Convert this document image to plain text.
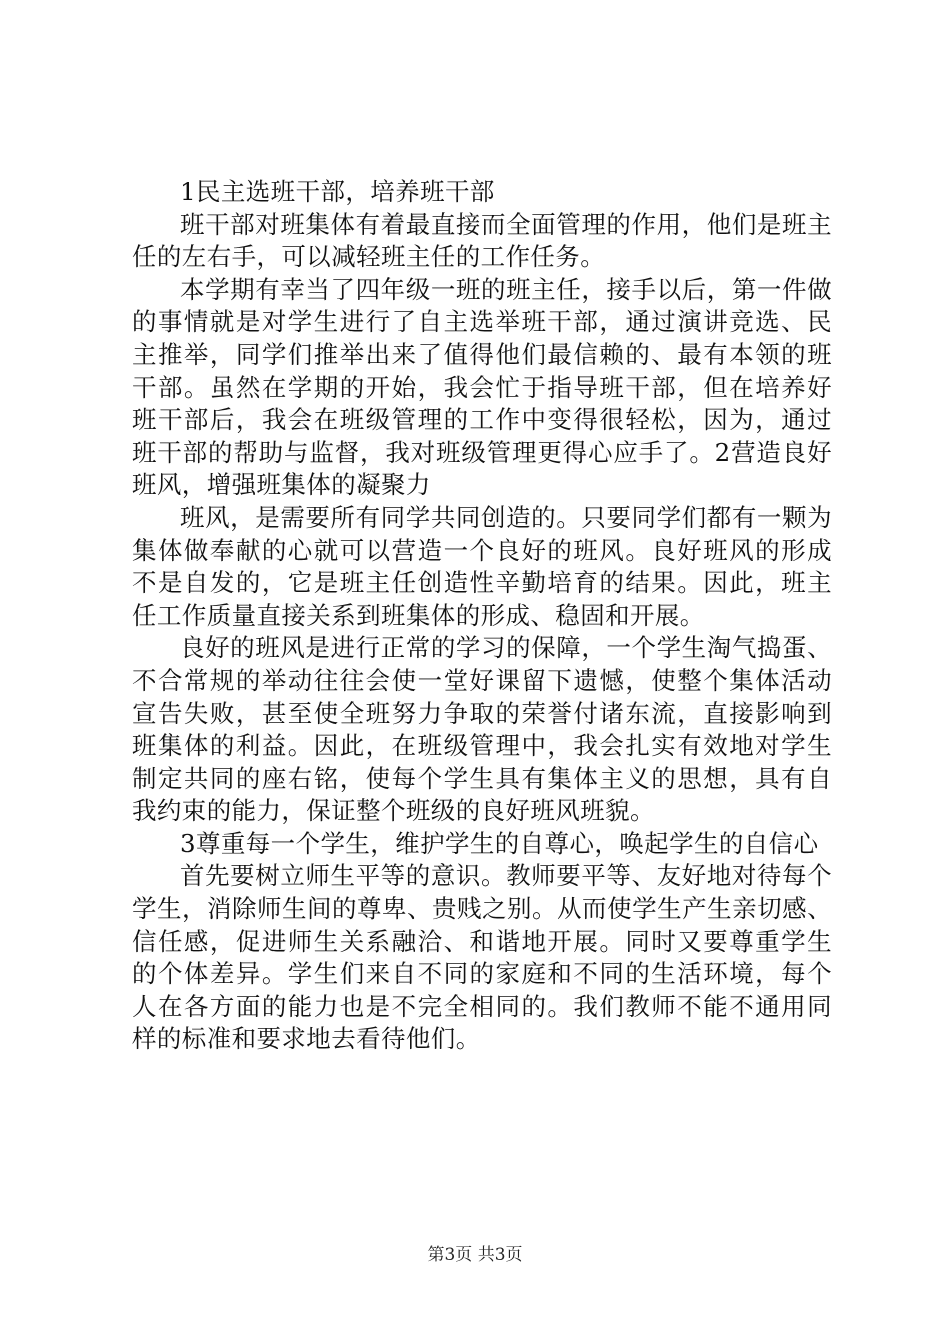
1民主选班干部，培养班干部
班干部对班集体有着最直接而全面管理的作用，他们是班主
任的左右手，可以减轻班主任的工作任务。
本学期有幸当了四年级一班的班主任，接手以后，第一件做
的事情就是对学生进行了自主选举班干部，通过演讲竞选、民
主推举，同学们推举出来了值得他们最信赖的、最有本领的班
干部。虽然在学期的开始，我会忙于指导班干部，但在培养好
班干部后，我会在班级管理的工作中变得很轻松，因为，通过
班干部的帮助与监督，我对班级管理更得心应手了。2营造良好
班风，增强班集体的凝聚力
班风，是需要所有同学共同创造的。只要同学们都有一颗为
集体做奉献的心就可以营造一个良好的班风。良好班风的形成
不是自发的，它是班主任创造性辛勤培育的结果。因此，班主
任工作质量直接关系到班集体的形成、稳固和开展。
良好的班风是进行正常的学习的保障，一个学生淘气捣蛋、
不合常规的举动往往会使一堂好课留下遗憾，使整个集体活动
宣告失败，甚至使全班努力争取的荣誉付诸东流，直接影响到
班集体的利益。因此，在班级管理中，我会扎实有效地对学生
制定共同的座右铭，使每个学生具有集体主义的思想，具有自
我约束的能力，保证整个班级的良好班风班貌。
3尊重每一个学生，维护学生的自尊心，唤起学生的自信心
首先要树立师生平等的意识。教师要平等、友好地对待每个
学生，消除师生间的尊卑、贵贱之别。从而使学生产生亲切感、
信任感，促进师生关系融洽、和谐地开展。同时又要尊重学生
的个体差异。学生们来自不同的家庭和不同的生活环境，每个
人在各方面的能力也是不完全相同的。我们教师不能不通用同
样的标准和要求地去看待他们。
第3页 共3页
